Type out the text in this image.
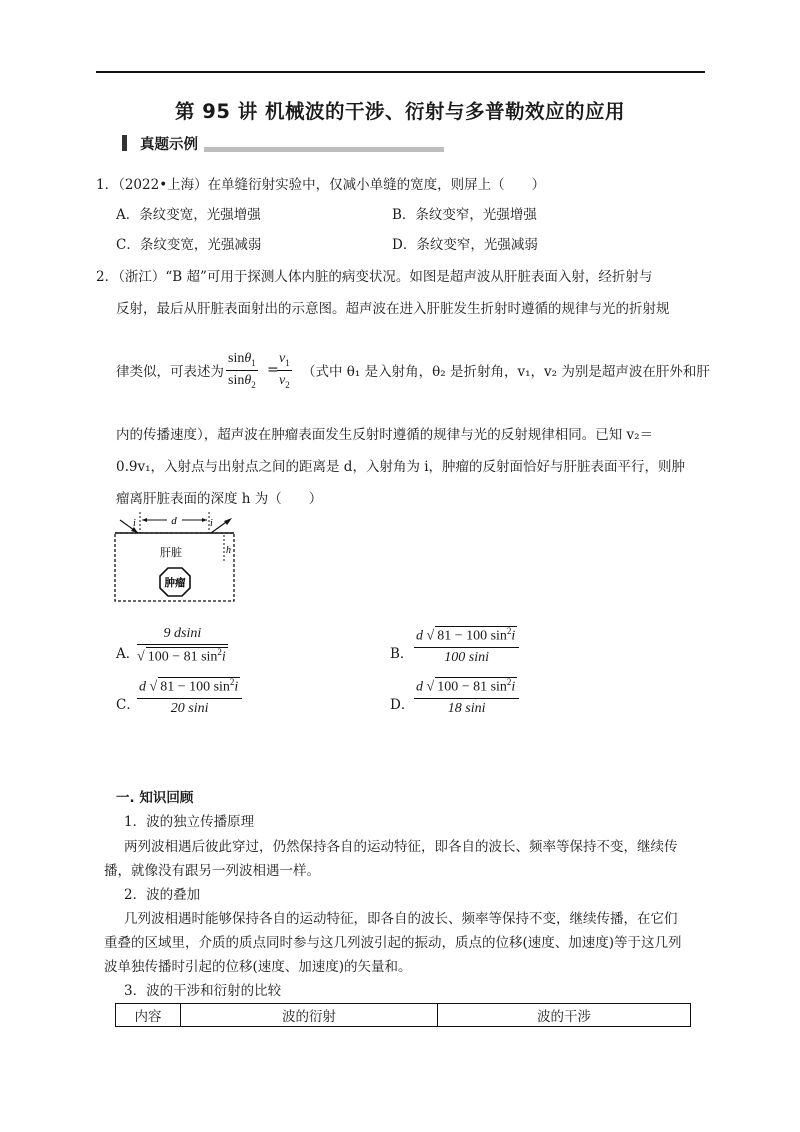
第 95 讲 机械波的干涉、衍射与多普勒效应的应用
真题示例
1．（2022•上海）在单缝衍射实验中，仅减小单缝的宽度，则屏上（　　）
A．条纹变宽，光强增强	B．条纹变窄，光强增强
C．条纹变宽，光强减弱	D．条纹变窄，光强减弱
2．（浙江）“B 超”可用于探测人体内脏的病变状况。如图是超声波从肝脏表面入射，经折射与
反射，最后从肝脏表面射出的示意图。超声波在进入肝脏发生折射时遵循的规律与光的折射规
律类似，可表述为 $\frac{\sin\theta_1}{\sin\theta_2}$ =
$\frac{v_1}{v_2}$ （式中 θ₁ 是入射角，θ₂ 是折射角，v₁，v₂ 为别是超声波在肝外和肝
内的传播速度），超声波在肿瘤表面发生反射时遵循的规律与光的反射规律相同。已知 v₂＝
0.9v₁，入射点与出射点之间的距离是 d，入射角为 i，肿瘤的反射面恰好与肝脏表面平行，则肿
瘤离肝脏表面的深度 h 为（　　）
d
i	i
h
肝脏
肿瘤
A．
$\frac{9 dsini}{√ 100 - 81 \sin^2i}$	B． $\frac{d √ 81 - 100 \sin^2i}{100 \sin i}$
C．
$\frac{d √ 81 - 100 \sin^2i}{20 \sin i}$	D． $\frac{d √ 100 - 81 \sin^2i}{18 \sin i}$
一. 知识回顾
1．波的独立传播原理
两列波相遇后彼此穿过，仍然保持各自的运动特征，即各自的波长、频率等保持不变，继续传
播，就像没有跟另一列波相遇一样。
2．波的叠加
几列波相遇时能够保持各自的运动特征，即各自的波长、频率等保持不变，继续传播，在它们
重叠的区域里，介质的质点同时参与这几列波引起的振动，质点的位移(速度、加速度)等于这几列
波单独传播时引起的位移(速度、加速度)的矢量和。
3．波的干涉和衍射的比较
内容	波的衍射	波的干涉
